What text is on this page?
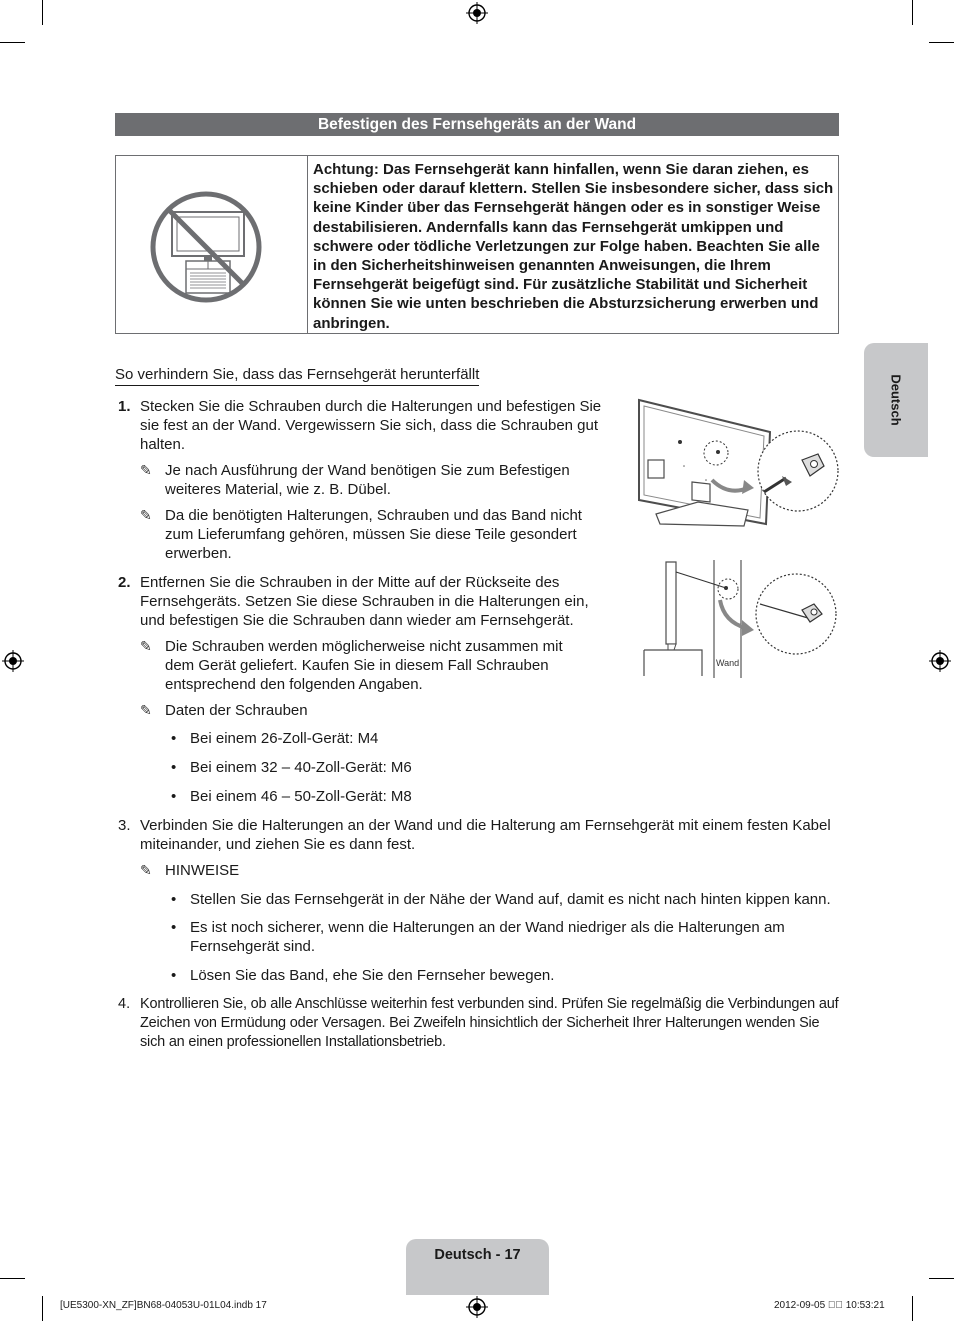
Befestigen des Fernsehgeräts an der Wand
Achtung: Das Fernsehgerät kann hinfallen, wenn Sie daran ziehen, es schieben oder darauf klettern. Stellen Sie insbesondere sicher, dass sich keine Kinder über das Fernsehgerät hängen oder es in sonstiger Weise destabilisieren. Andernfalls kann das Fernsehgerät umkippen und schwere oder tödliche Verletzungen zur Folge haben. Beachten Sie alle in den Sicherheitshinweisen genannten Anweisungen, die Ihrem Fernsehgerät beigefügt sind. Für zusätzliche Stabilität und Sicherheit können Sie wie unten beschrieben die Absturzsicherung erwerben und anbringen.
So verhindern Sie, dass das Fernsehgerät herunterfällt	Deutsch
1. Stecken Sie die Schrauben durch die Halterungen und befestigen Sie sie fest an der Wand. Vergewissern Sie sich, dass die Schrauben gut halten.
✎ Je nach Ausführung der Wand benötigen Sie zum Befestigen weiteres Material, wie z. B. Dübel.
✎ Da die benötigten Halterungen, Schrauben und das Band nicht zum Lieferumfang gehören, müssen Sie diese Teile gesondert erwerben.
2. Entfernen Sie die Schrauben in der Mitte auf der Rückseite des Fernsehgeräts. Setzen Sie diese Schrauben in die Halterungen ein, und befestigen Sie die Schrauben dann wieder am Fernsehgerät.
✎ Die Schrauben werden möglicherweise nicht zusammen mit dem Gerät geliefert. Kaufen Sie in diesem Fall Schrauben entsprechend den folgenden Angaben.
✎ Daten der Schrauben
• Bei einem 26-Zoll-Gerät: M4
• Bei einem 32 – 40-Zoll-Gerät: M6
• Bei einem 46 – 50-Zoll-Gerät: M8
3. Verbinden Sie die Halterungen an der Wand und die Halterung am Fernsehgerät mit einem festen Kabel miteinander, und ziehen Sie es dann fest.
✎ HINWEISE
• Stellen Sie das Fernsehgerät in der Nähe der Wand auf, damit es nicht nach hinten kippen kann.
• Es ist noch sicherer, wenn die Halterungen an der Wand niedriger als die Halterungen am Fernsehgerät sind.
• Lösen Sie das Band, ehe Sie den Fernseher bewegen.
4. Kontrollieren Sie, ob alle Anschlüsse weiterhin fest verbunden sind. Prüfen Sie regelmäßig die Verbindungen auf Zeichen von Ermüdung oder Versagen. Bei Zweifeln hinsichtlich der Sicherheit Ihrer Halterungen wenden Sie sich an einen professionellen Installationsbetrieb.
Wand
Deutsch - 17
[UE5300-XN_ZF]BN68-04053U-01L04.indb 17	2012-09-05 ￿￿ 10:53:21
